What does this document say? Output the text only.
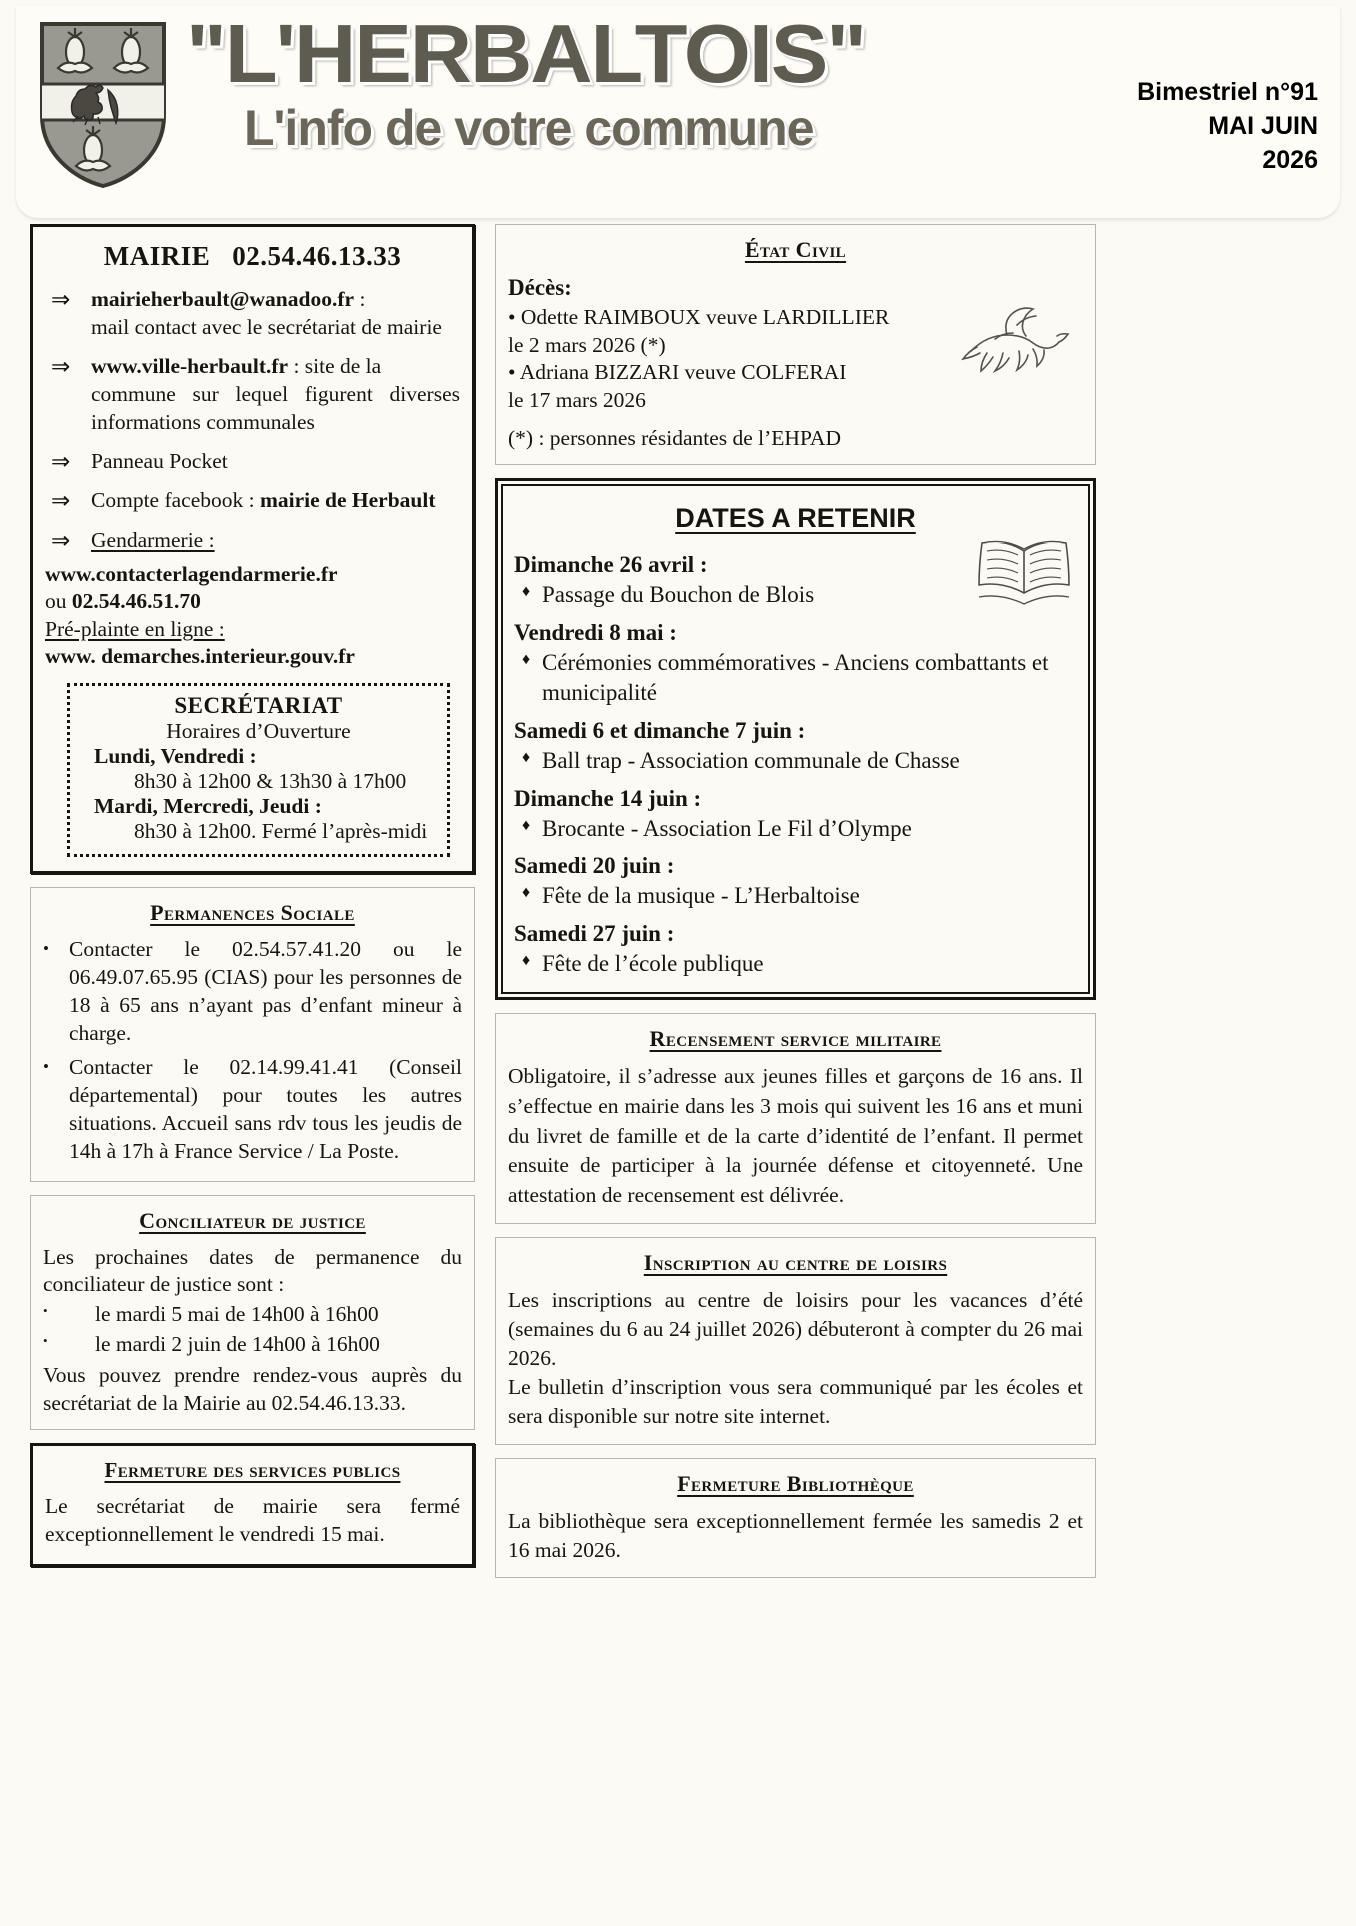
"L'HERBALTOIS"
L'info de votre commune
Bimestriel n°91
MAI JUIN
2026
MAIRIE 02.54.46.13.33
⇒ mairieherbault@wanadoo.fr :
mail contact avec le secrétariat de mairie
⇒ www.ville-herbault.fr : site de la
commune sur lequel figurent diverses informations communales
⇒ Panneau Pocket
⇒ Compte facebook : mairie de Herbault
⇒ Gendarmerie :
www.contacterlagendarmerie.fr
ou 02.54.46.51.70
Pré-plainte en ligne :
www. demarches.interieur.gouv.fr
SECRÉTARIAT
Horaires d’Ouverture
Lundi, Vendredi :
8h30 à 12h00 & 13h30 à 17h00
Mardi, Mercredi, Jeudi :
8h30 à 12h00. Fermé l’après-midi
Permanences Sociale
• Contacter le 02.54.57.41.20 ou le 06.49.07.65.95 (CIAS) pour les personnes de 18 à 65 ans n’ayant pas d’enfant mineur à charge.
• Contacter le 02.14.99.41.41 (Conseil départemental) pour toutes les autres situations. Accueil sans rdv tous les jeudis de 14h à 17h à France Service / La Poste.
Conciliateur de justice
Les prochaines dates de permanence du conciliateur de justice sont :
•	le mardi 5 mai de 14h00 à 16h00
•	le mardi 2 juin de 14h00 à 16h00
Vous pouvez prendre rendez-vous auprès du secrétariat de la Mairie au 02.54.46.13.33.
Fermeture des services publics
Le secrétariat de mairie sera fermé exceptionnellement le vendredi 15 mai.
État Civil
Décès:
• Odette RAIMBOUX veuve LARDILLIER
le 2 mars 2026 (*)
• Adriana BIZZARI veuve COLFERAI
le 17 mars 2026
(*) : personnes résidantes de l’EHPAD
DATES A RETENIR
Dimanche 26 avril :
♦ Passage du Bouchon de Blois
Vendredi 8 mai :
♦ Cérémonies commémoratives - Anciens combattants et municipalité
Samedi 6 et dimanche 7 juin :
♦ Ball trap - Association communale de Chasse
Dimanche 14 juin :
♦ Brocante - Association Le Fil d’Olympe
Samedi 20 juin :
♦ Fête de la musique - L’Herbaltoise
Samedi 27 juin :
♦ Fête de l’école publique
Recensement service militaire
Obligatoire, il s’adresse aux jeunes filles et garçons de 16 ans. Il s’effectue en mairie dans les 3 mois qui suivent les 16 ans et muni du livret de famille et de la carte d’identité de l’enfant. Il permet ensuite de participer à la journée défense et citoyenneté. Une attestation de recensement est délivrée.
Inscription au centre de loisirs
Les inscriptions au centre de loisirs pour les vacances d’été (semaines du 6 au 24 juillet 2026) débuteront à compter du 26 mai 2026.
Le bulletin d’inscription vous sera communiqué par les écoles et sera disponible sur notre site internet.
Fermeture Bibliothèque
La bibliothèque sera exceptionnellement fermée les samedis 2 et 16 mai 2026.
